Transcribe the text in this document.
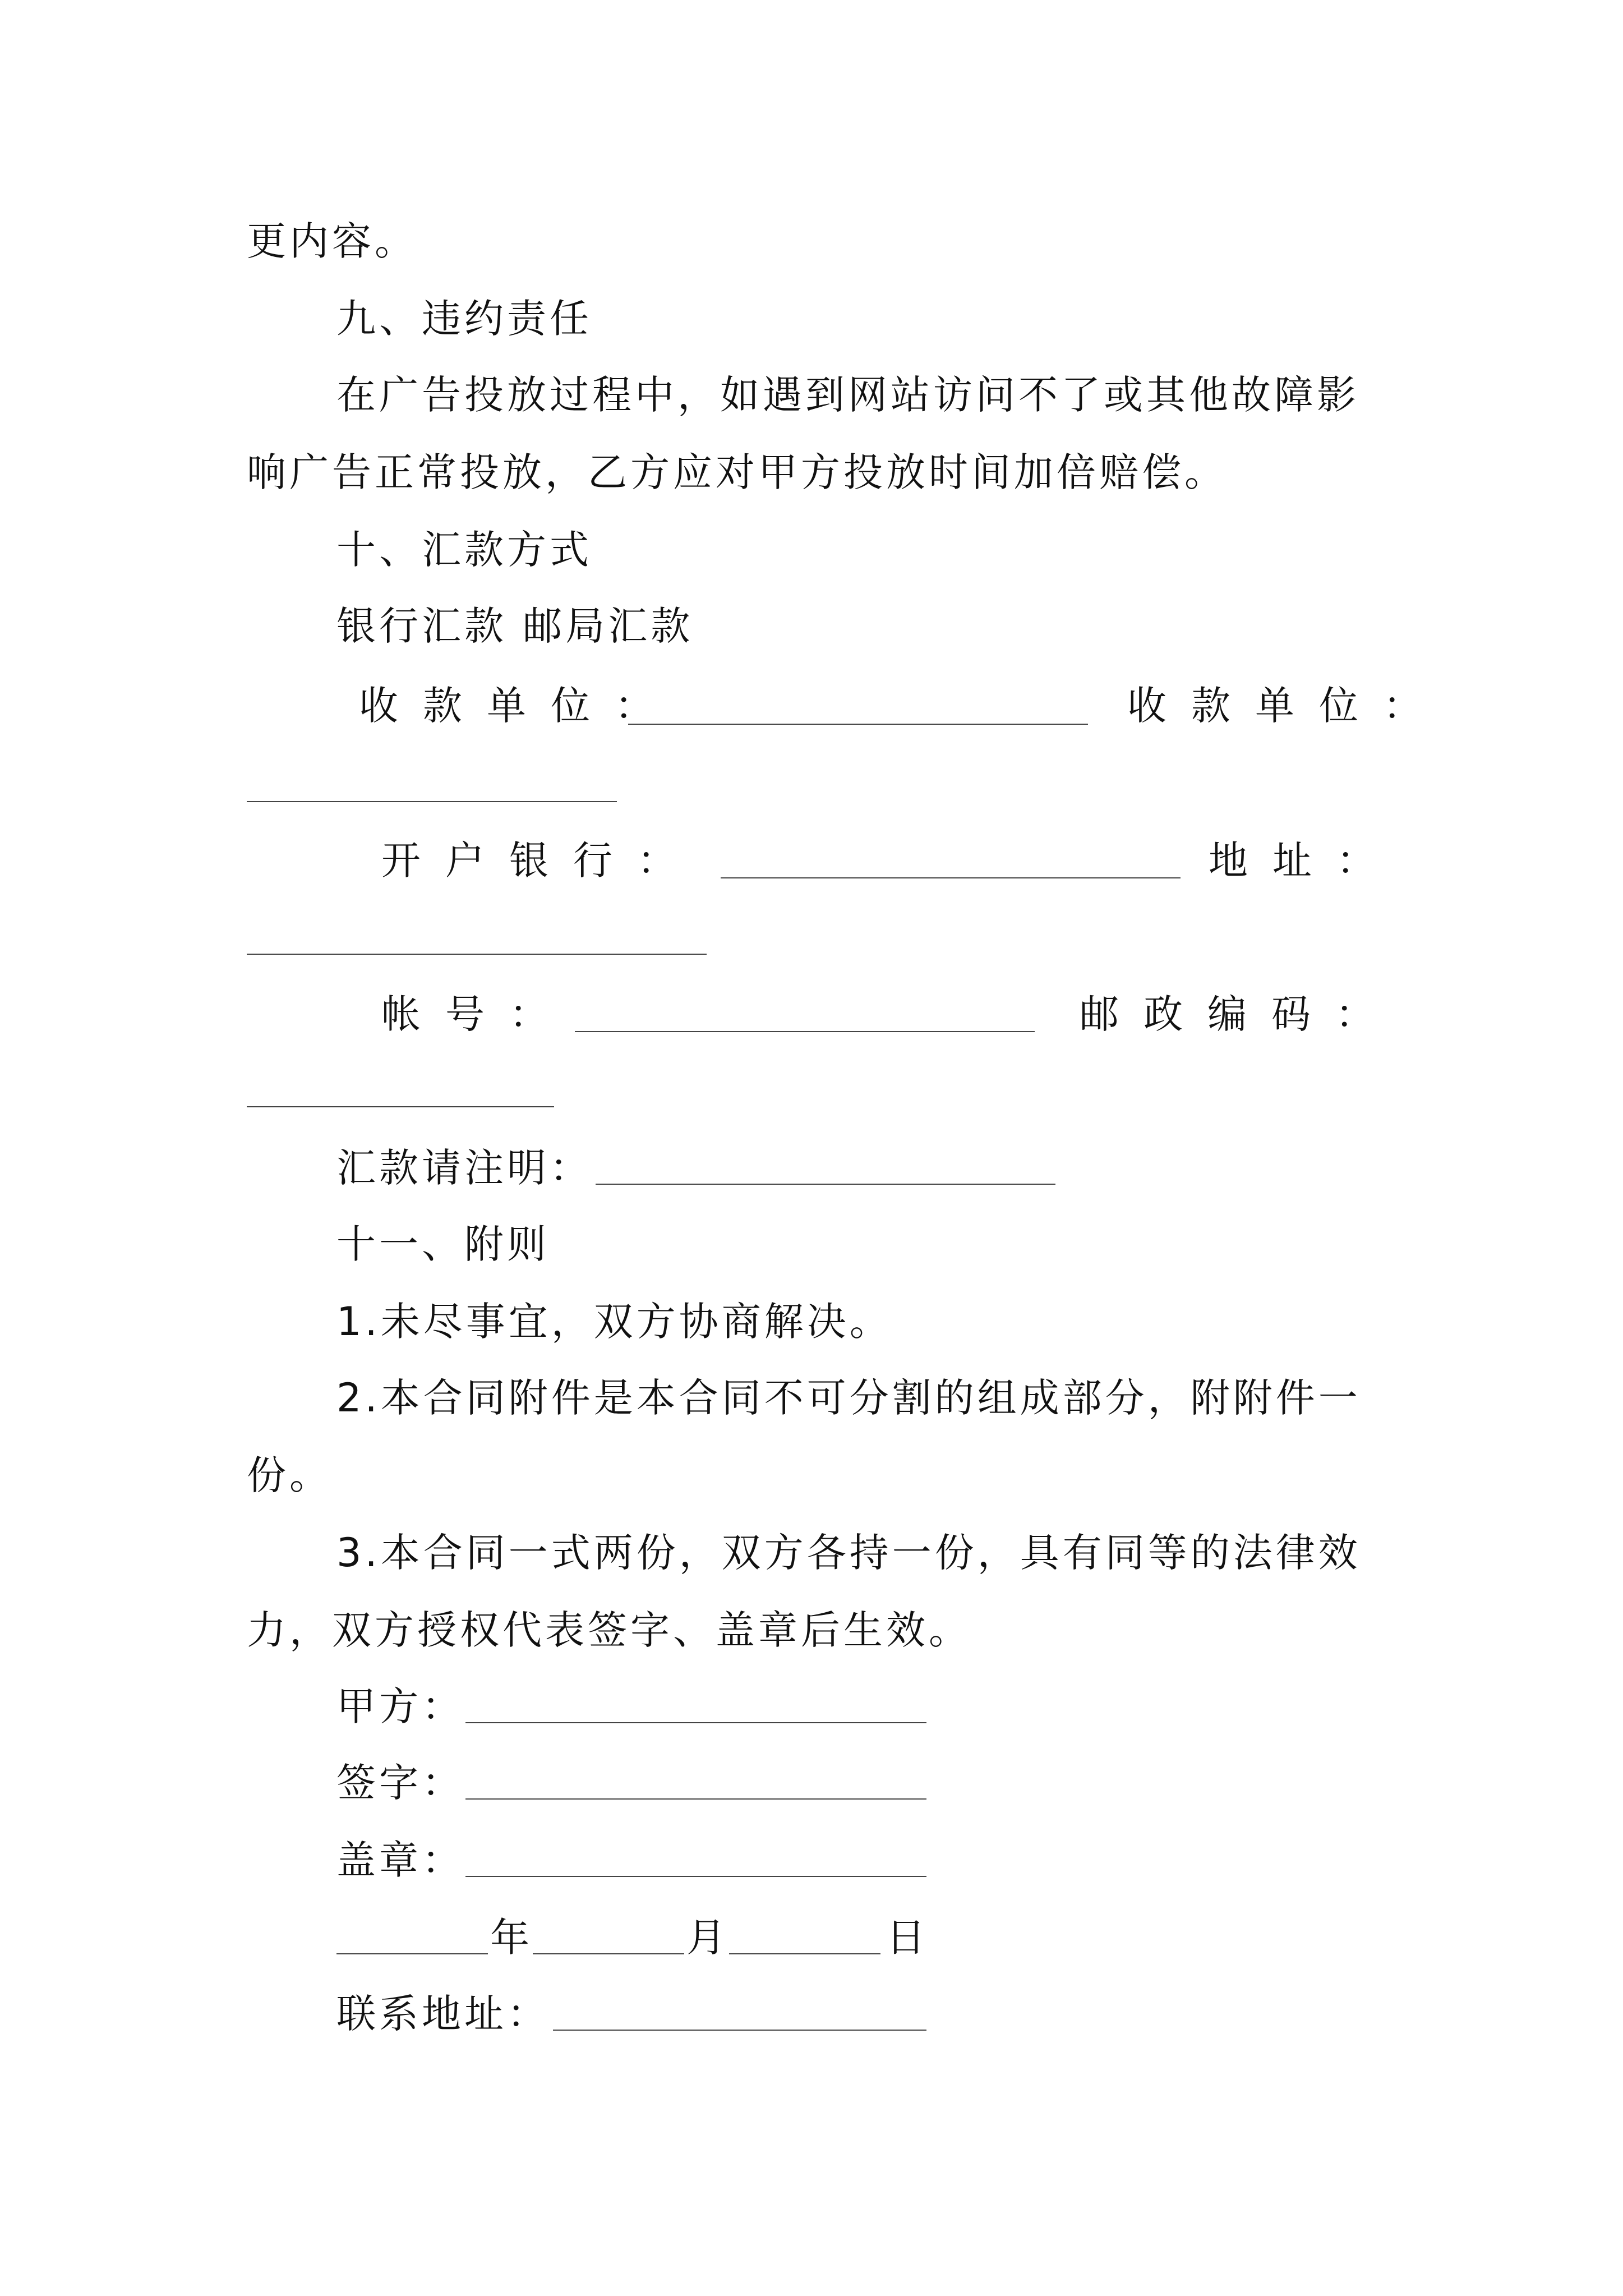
更内容。
九、违约责任
在广告投放过程中，如遇到网站访问不了或其他故障影
响广告正常投放，乙方应对甲方投放时间加倍赔偿。
十、汇款方式
银行汇款 邮局汇款
收款单位：	收款单位：
开户银行：	地址：
帐号：	邮政编码：
汇款请注明：
十一、附则
1.未尽事宜，双方协商解决。
2.本合同附件是本合同不可分割的组成部分，附附件一
份。
3.本合同一式两份，双方各持一份，具有同等的法律效
力，双方授权代表签字、盖章后生效。
甲方：
签字：
盖章：
年	月	日
联系地址：
